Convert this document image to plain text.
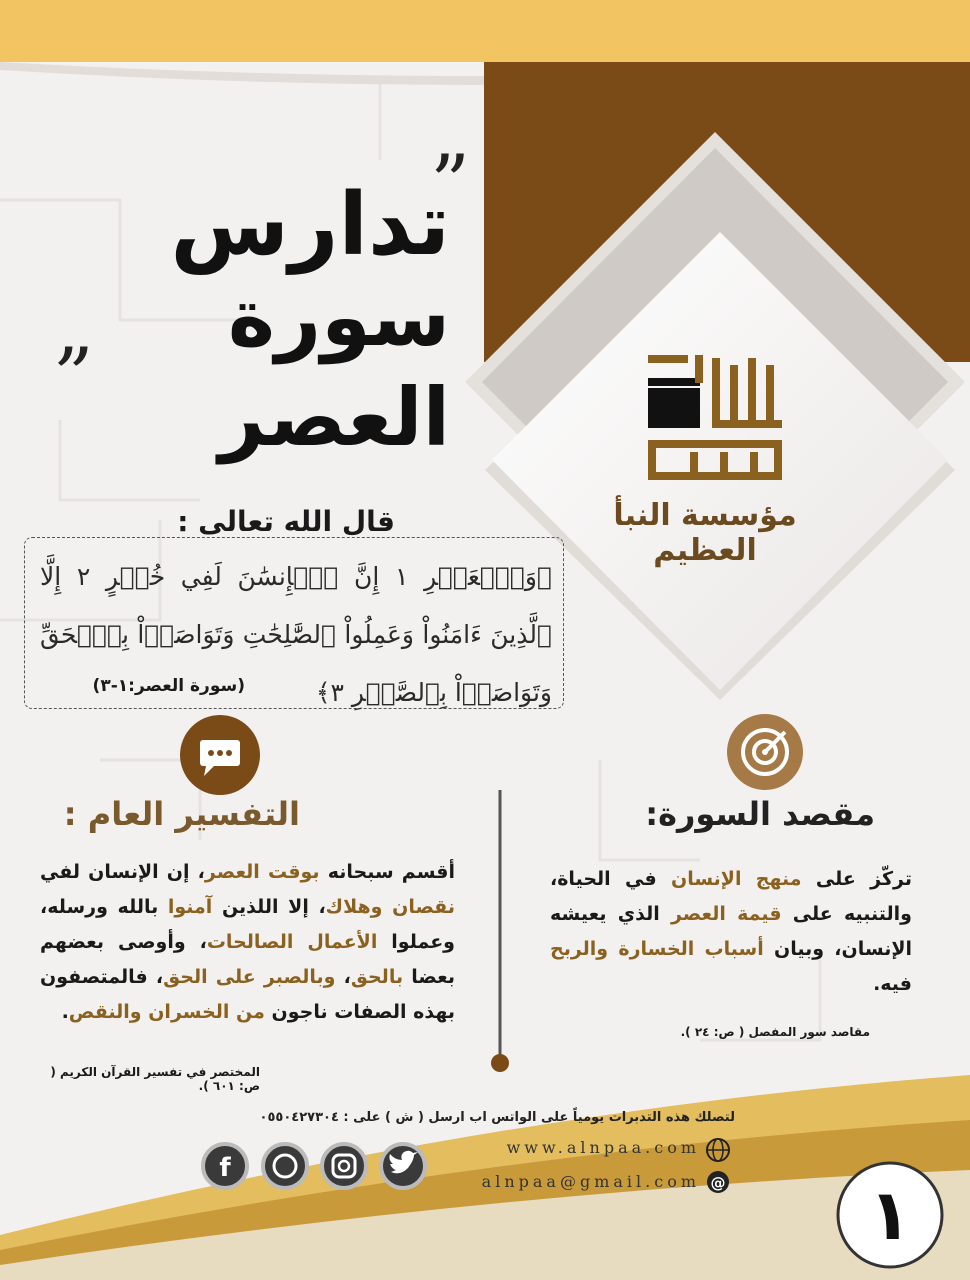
”
„
f	@
تدارس
سورة العصر
مؤسسة النبأ العظيم
قال الله تعالى :
﴿وَٱلۡعَصۡرِ ١ إِنَّ ٱلۡإِنسَٰنَ لَفِي خُسۡرٍ ٢ إِلَّا ٱلَّذِينَ ءَامَنُواْ وَعَمِلُواْ ٱلصَّٰلِحَٰتِ وَتَوَاصَوۡاْ بِٱلۡحَقِّ وَتَوَاصَوۡاْ بِٱلصَّبۡرِ ٣﴾
(سورة العصر:١-٣)
مقصد السورة:
تركّز على منهج الإنسان في الحياة، والتنبيه على قيمة العصر الذي يعيشه الإنسان، وبيان أسباب الخسارة والربح فيه.
مقاصد سور المفصل ( ص: ٢٤ ).
التفسير العام :
أقسم سبحانه بوقت العصر، إن الإنسان لفي نقصان وهلاك، إلا اللذين آمنوا بالله ورسله، وعملوا الأعمال الصالحات، وأوصى بعضهم بعضا بالحق، وبالصبر على الحق، فالمتصفون بهذه الصفات ناجون من الخسران والنقص.
المختصر في تفسير القرآن الكريم ( ص: ٦٠١ ).
لتصلك هذه التدبرات يومياً على الواتس اب ارسل ( ش ) على : ٠٥٥٠٤٢٧٣٠٤
www.alnpaa.com
alnpaa@gmail.com	١
